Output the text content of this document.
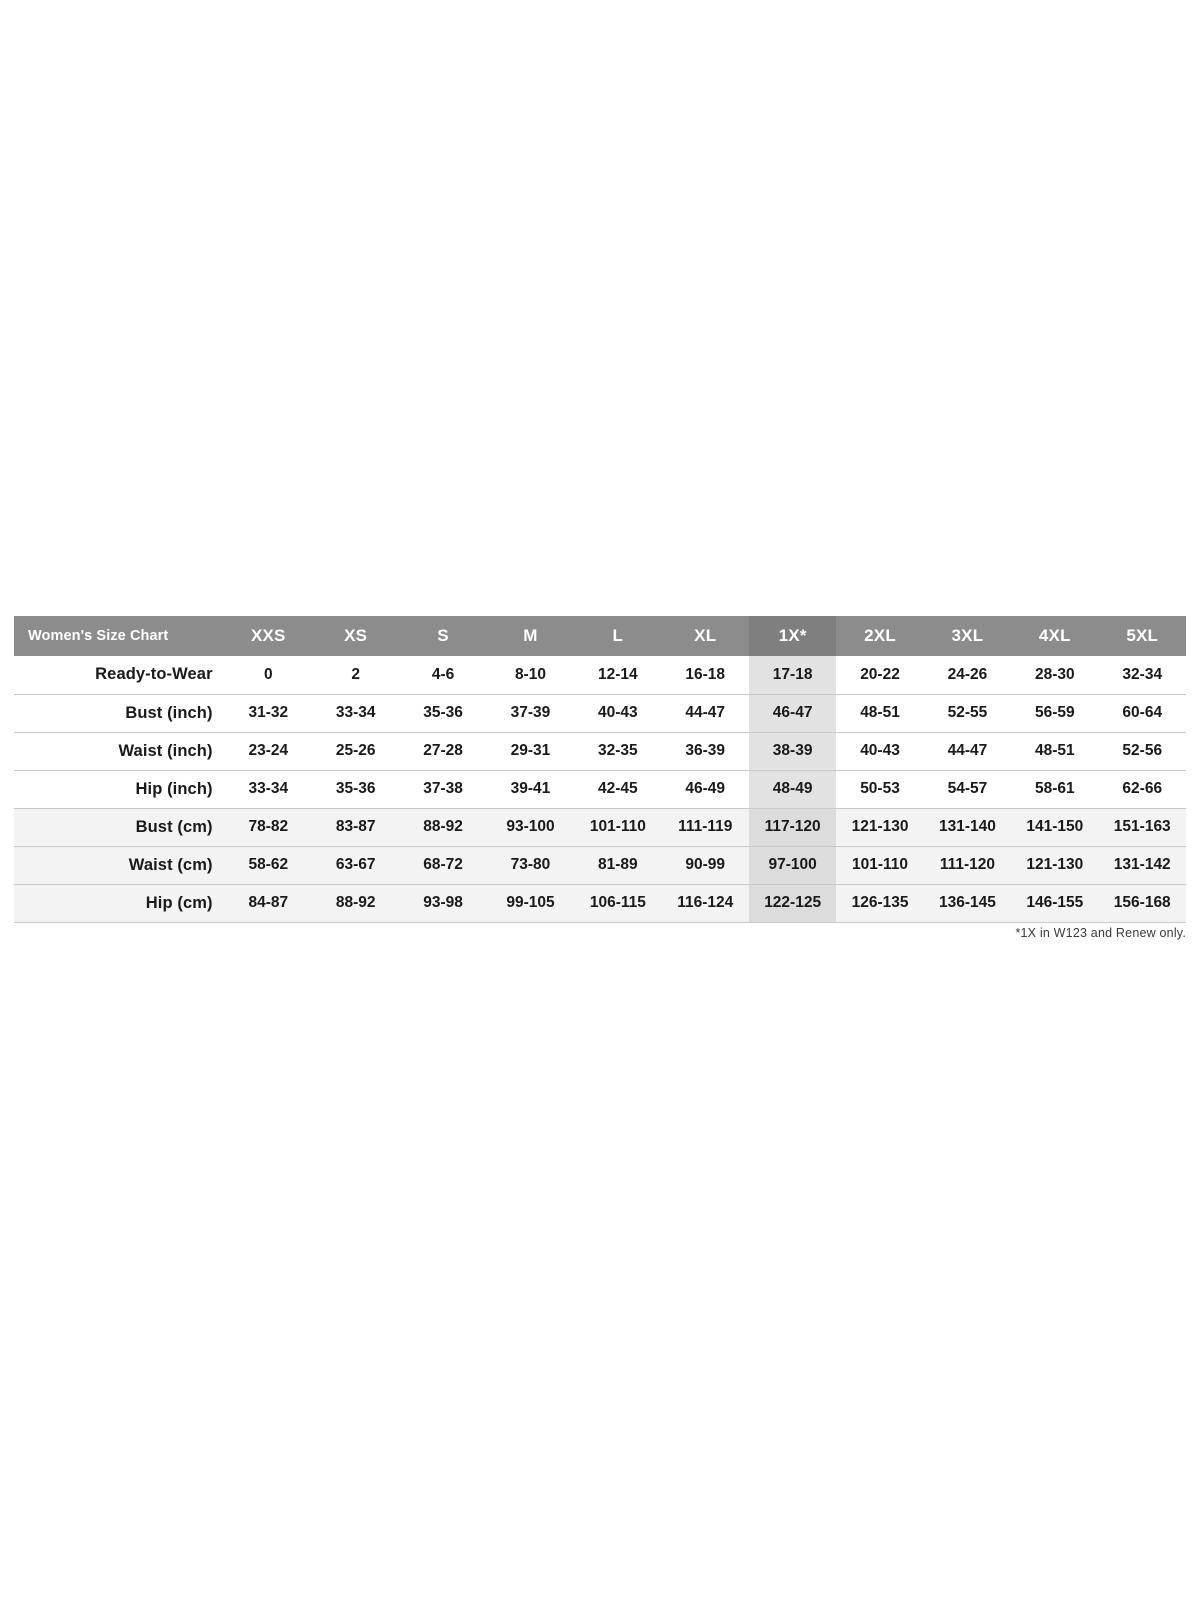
Women's Size Chart	XXS	XS	S	M	L	XL	1X*	2XL	3XL	4XL	5XL
Ready-to-Wear	0	2	4-6	8-10	12-14	16-18	17-18	20-22	24-26	28-30	32-34
Bust (inch)	31-32	33-34	35-36	37-39	40-43	44-47	46-47	48-51	52-55	56-59	60-64
Waist (inch)	23-24	25-26	27-28	29-31	32-35	36-39	38-39	40-43	44-47	48-51	52-56
Hip (inch)	33-34	35-36	37-38	39-41	42-45	46-49	48-49	50-53	54-57	58-61	62-66
Bust (cm)	78-82	83-87	88-92	93-100	101-110	111-119	117-120	121-130	131-140	141-150	151-163
Waist (cm)	58-62	63-67	68-72	73-80	81-89	90-99	97-100	101-110	111-120	121-130	131-142
Hip (cm)	84-87	88-92	93-98	99-105	106-115	116-124	122-125	126-135	136-145	146-155	156-168
*1X in W123 and Renew only.
